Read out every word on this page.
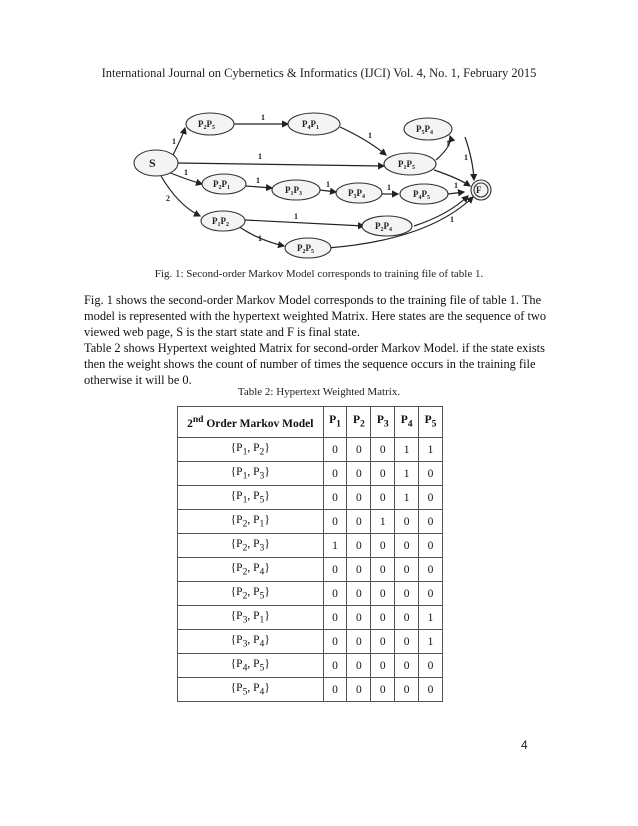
International Journal on Cybernetics & Informatics (IJCI) Vol. 4, No. 1, February 2015
S
F
$P_2P_5$	$P_4P_1$	$P_5P_4$
$P_1P_5$
$P_2P_1$	$P_1P_3$	$P_3P_4$	$P_4P_5$
$P_1P_2$	$P_2P_4$
$P_2P_5$
1
1
1
1
1
1	1	1	1
2
1
1
1
1
1
Fig. 1: Second-order Markov Model corresponds to training file of table 1.

Fig. 1 shows the second-order Markov Model corresponds to the training file of table 1. The model is represented with the hypertext weighted Matrix. Here states are the sequence of two viewed web page, S is the start state and F is final state.

Table 2 shows Hypertext weighted Matrix for second-order Markov Model. if the state exists then the weight shows the count of number of times the sequence occurs in the training file otherwise it will be 0.

Table 2: Hypertext Weighted Matrix.
2nd Order Markov Model	$P_1$	$P_2$	$P_3$	$P_4$	$P_5$
{$P_1$, $P_2$}	0	0	0	1	1
{$P_1$, $P_3$}	0	0	0	1	0
{$P_1$, $P_5$}	0	0	0	1	0
{$P_2$, $P_1$}	0	0	1	0	0
{$P_2$, $P_3$}	1	0	0	0	0
{$P_2$, $P_4$}	0	0	0	0	0
{$P_2$, $P_5$}	0	0	0	0	0
{$P_3$, $P_1$}	0	0	0	0	1
{$P_3$, $P_4$}	0	0	0	0	1
{$P_4$, $P_5$}	0	0	0	0	0
{$P_5$, $P_4$}	0	0	0	0	0
4
